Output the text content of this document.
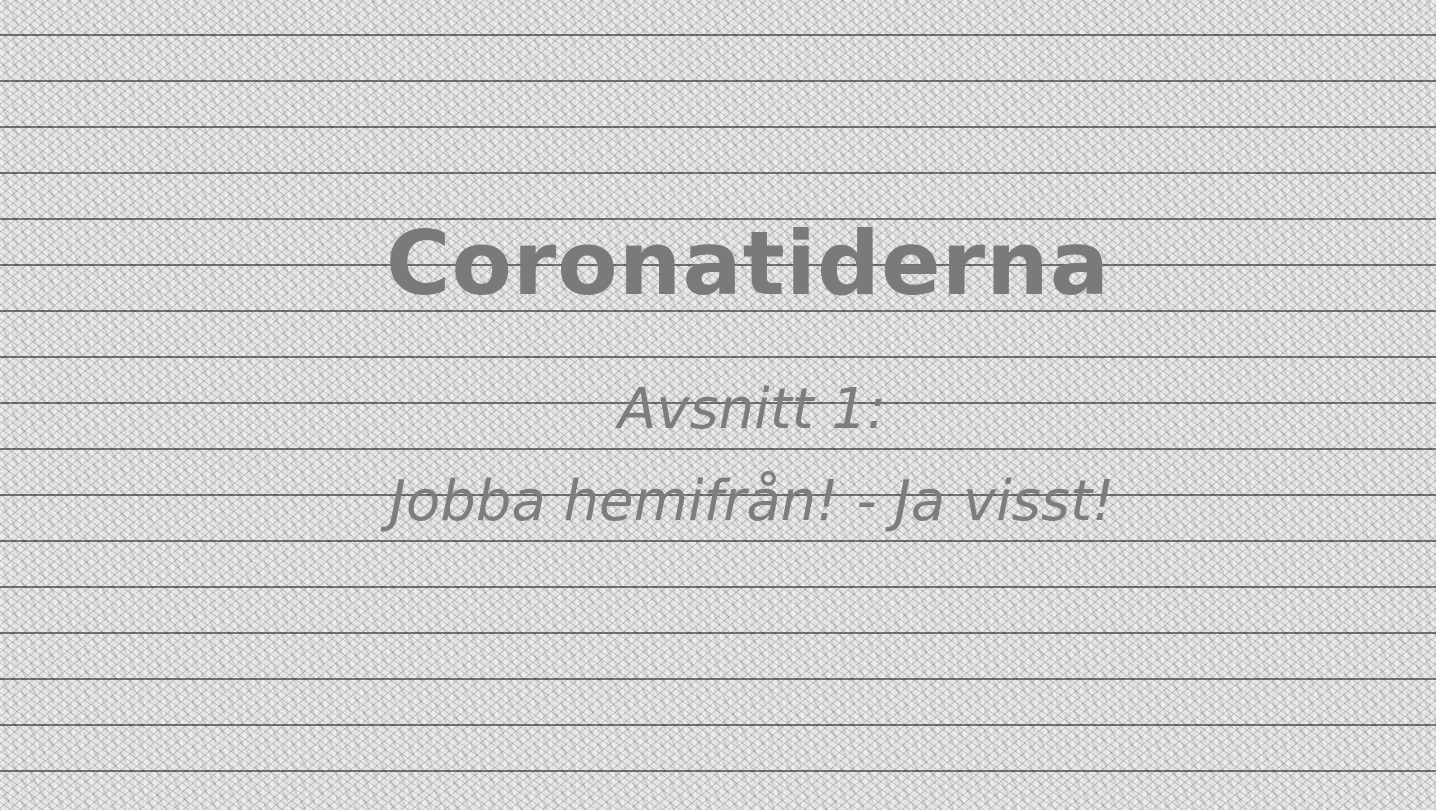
Coronatiderna
Avsnitt 1:
Jobba hemifrån! - Ja visst!
